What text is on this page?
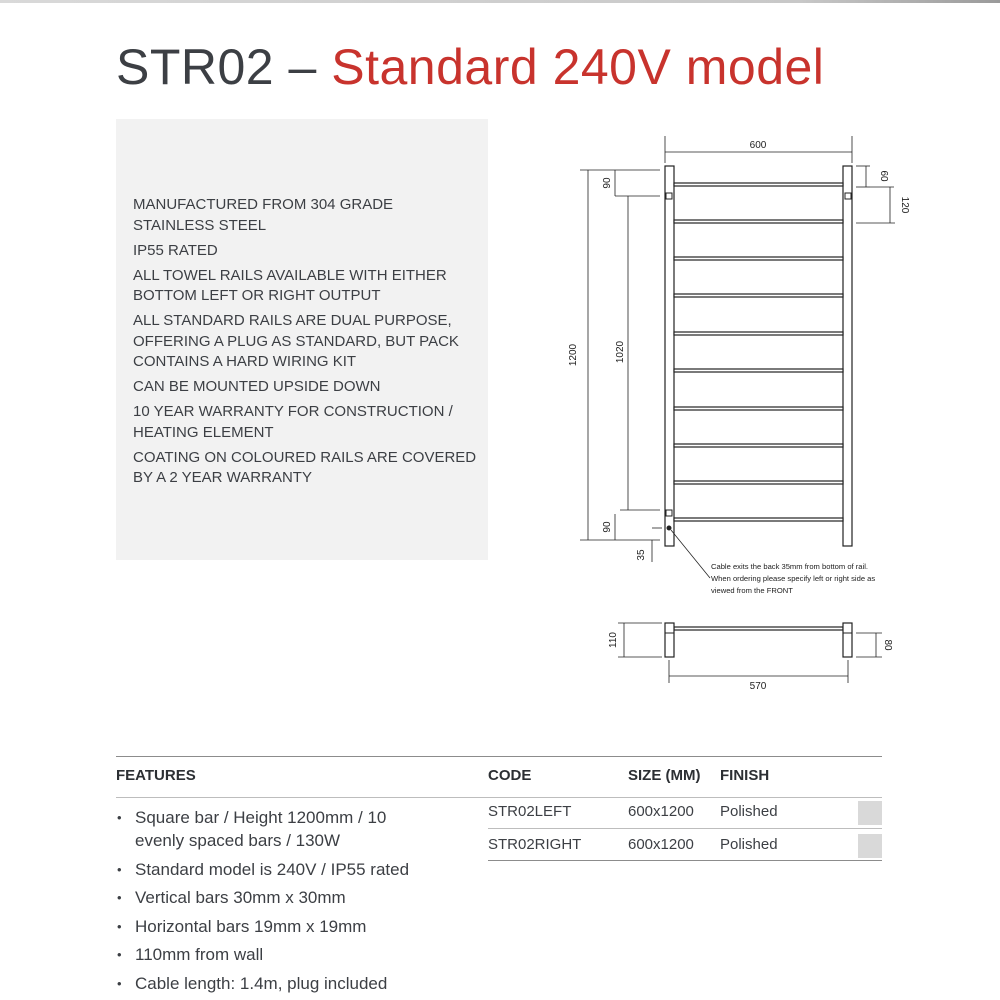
STR02 – Standard 240V model
MANUFACTURED FROM 304 GRADE STAINLESS STEEL
IP55 RATED
ALL TOWEL RAILS AVAILABLE WITH EITHER BOTTOM LEFT OR RIGHT OUTPUT
ALL STANDARD RAILS ARE DUAL PURPOSE, OFFERING A PLUG AS STANDARD, BUT PACK CONTAINS A HARD WIRING KIT
CAN BE MOUNTED UPSIDE DOWN
10 YEAR WARRANTY FOR CONSTRUCTION / HEATING ELEMENT
COATING ON COLOURED RAILS ARE COVERED BY A 2 YEAR WARRANTY
600
1200
90
1020
90
35
60
120
110	80
570
Cable exits the back 35mm from bottom of rail.
When ordering please specify left or right side as
viewed from the FRONT
FEATURES	CODE	SIZE (MM) FINISH
• Square bar / Height 1200mm / 10 evenly spaced bars / 130W
• Standard model is 240V / IP55 rated
• Vertical bars 30mm x 30mm
• Horizontal bars 19mm x 19mm
• 110mm from wall
• Cable length: 1.4m, plug included
STR02LEFT	600x1200 Polished
STR02RIGHT	600x1200 Polished
